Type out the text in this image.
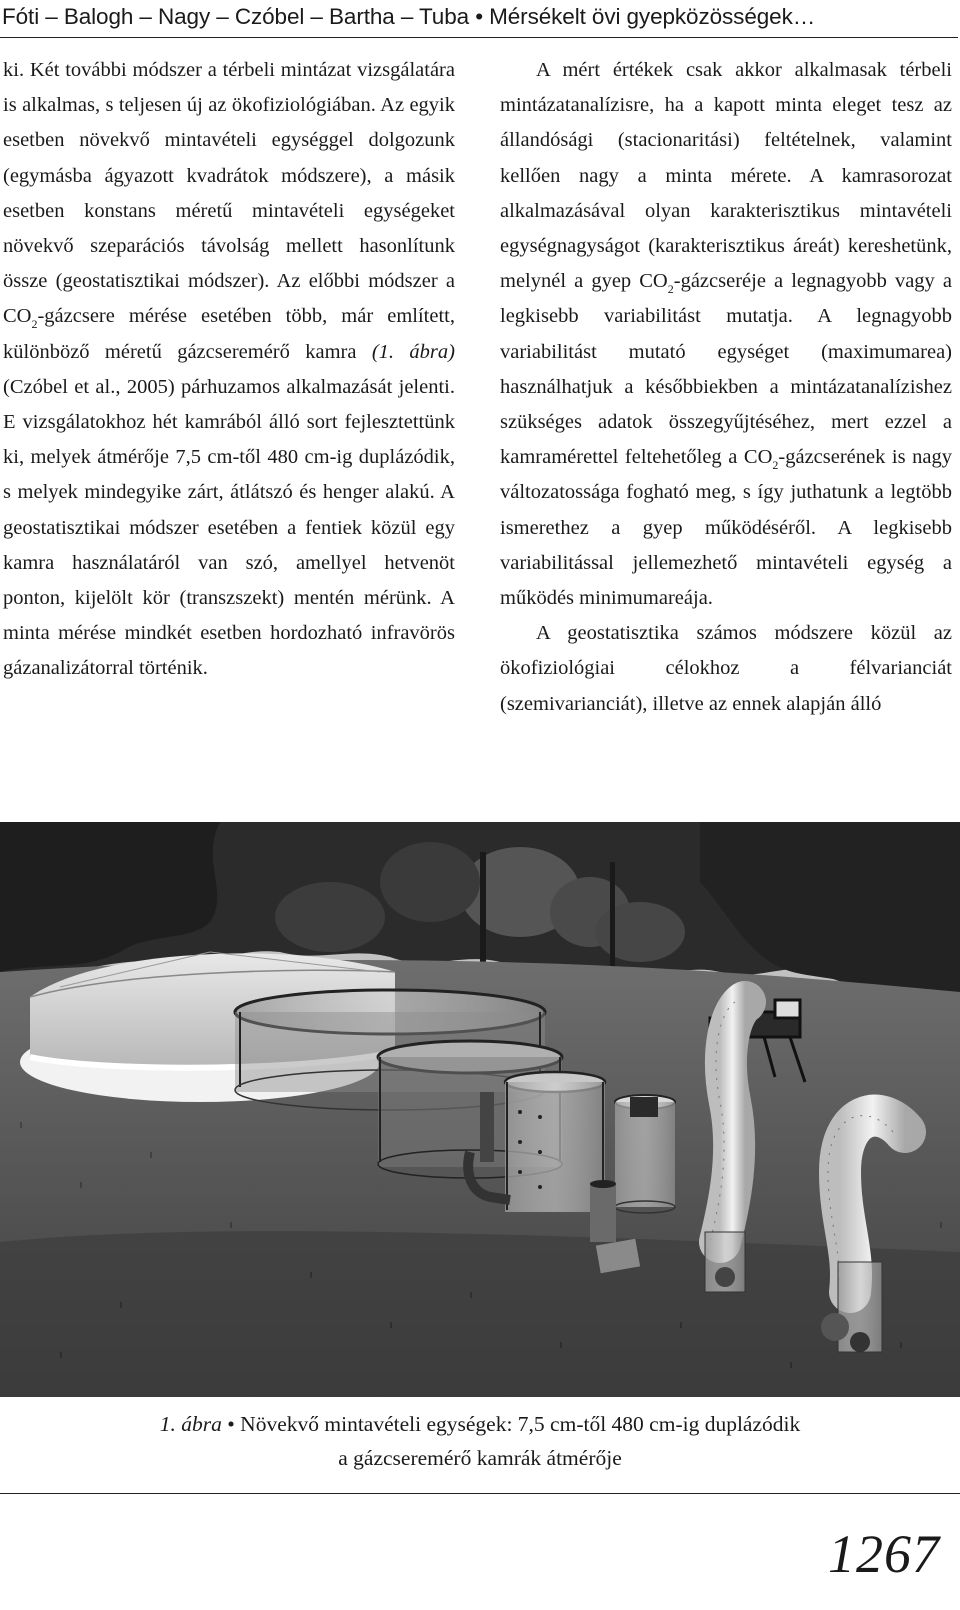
Fóti – Balogh – Nagy – Czóbel – Bartha – Tuba • Mérsékelt övi gyepközösségek…

ki. Két további módszer a térbeli mintázat vizsgálatára is alkalmas, s teljesen új az ökofiziológiában. Az egyik esetben növekvő mintavételi egységgel dolgozunk (egymásba ágyazott kvadrátok módszere), a másik esetben konstans méretű mintavételi egységeket növekvő szeparációs távolság mellett hasonlítunk össze (geostatisztikai módszer). Az előbbi módszer a $CO_2$-gázcsere mérése esetében több, már említett, különböző méretű gázcseremérő kamra (1. ábra) (Czóbel et al., 2005) párhuzamos alkalmazását jelenti. E vizsgálatokhoz hét kamrából álló sort fejlesztettünk ki, melyek átmérője 7,5 cm-től 480 cm-ig duplázódik, s melyek mindegyike zárt, átlátszó és henger alakú. A geostatisztikai módszer esetében a fentiek közül egy kamra használatáról van szó, amellyel hetvenöt ponton, kijelölt kör (transzszekt) mentén mérünk. A minta mérése mindkét esetben hordozható infravörös gázanalizátorral történik.

A mért értékek csak akkor alkalmasak térbeli mintázatanalízisre, ha a kapott minta eleget tesz az állandósági (stacionaritási) feltételnek, valamint kellően nagy a minta mérete. A kamrasorozat alkalmazásával olyan karakterisztikus mintavételi egységnagyságot (karakterisztikus áreát) kereshetünk, melynél a gyep $CO_2$-gázcseréje a legnagyobb vagy a legkisebb variabilitást mutatja. A legnagyobb variabilitást mutató egységet (maximumarea) használhatjuk a későbbiekben a mintázatanalízishez szükséges adatok összegyűjtéséhez, mert ezzel a kamramérettel feltehetőleg a $CO_2$-gázcserének is nagy változatossága fogható meg, s így juthatunk a legtöbb ismerethez a gyep működéséről. A legkisebb variabilitással jellemezhető mintavételi egység a működés minimumareája.

A geostatisztika számos módszere közül az ökofiziológiai célokhoz a félvarianciát (szemivarianciát), illetve az ennek alapján álló

1. ábra • Növekvő mintavételi egységek: 7,5 cm-től 480 cm-ig duplázódik
a gázcseremérő kamrák átmérője
1267
